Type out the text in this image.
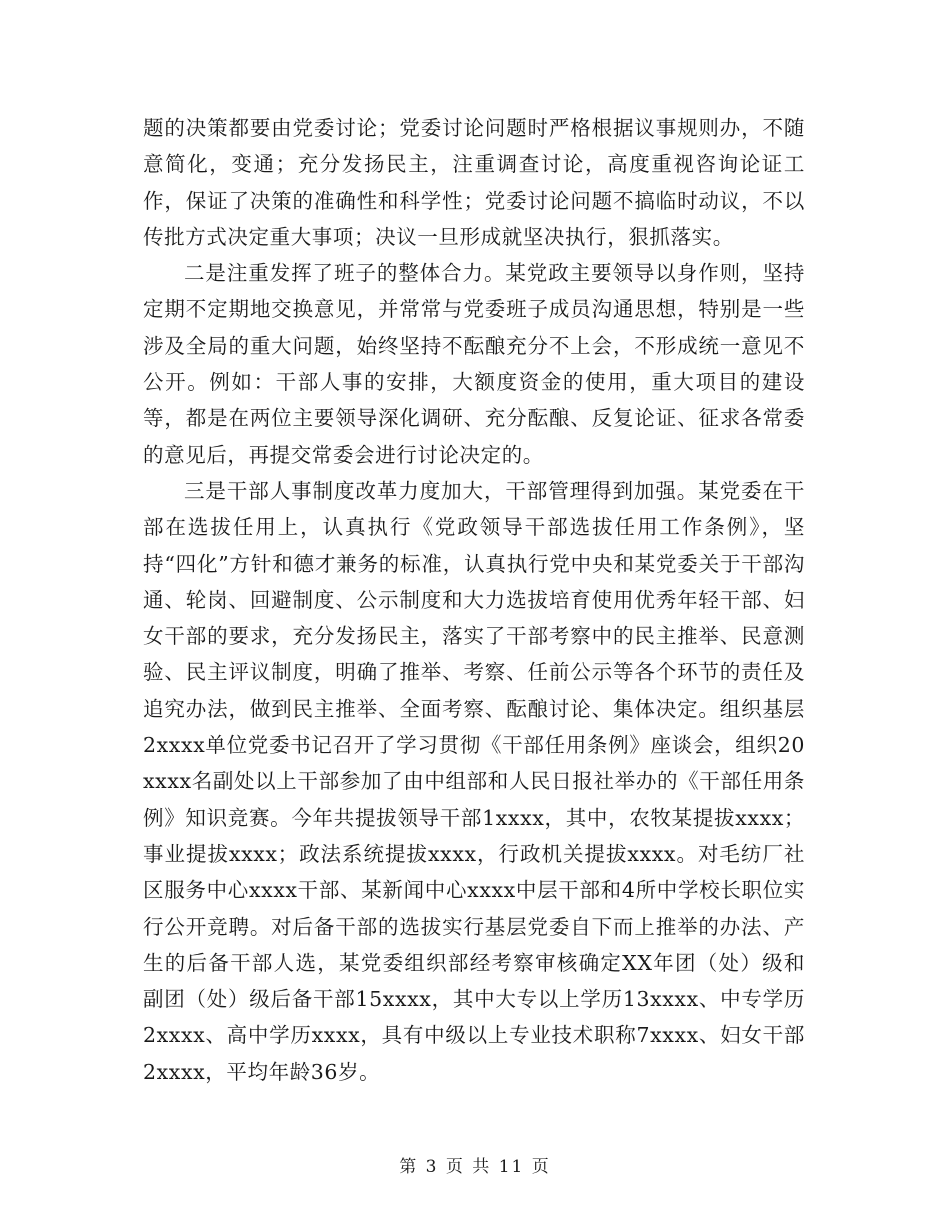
题的决策都要由党委讨论；党委讨论问题时严格根据议事规则办，不随意简化，变通；充分发扬民主，注重调查讨论，高度重视咨询论证工作，保证了决策的准确性和科学性；党委讨论问题不搞临时动议，不以传批方式决定重大事项；决议一旦形成就坚决执行，狠抓落实。

二是注重发挥了班子的整体合力。某党政主要领导以身作则，坚持定期不定期地交换意见，并常常与党委班子成员沟通思想，特别是一些涉及全局的重大问题，始终坚持不酝酿充分不上会，不形成统一意见不公开。例如：干部人事的安排，大额度资金的使用，重大项目的建设等，都是在两位主要领导深化调研、充分酝酿、反复论证、征求各常委的意见后，再提交常委会进行讨论决定的。

三是干部人事制度改革力度加大，干部管理得到加强。某党委在干部在选拔任用上，认真执行《党政领导干部选拔任用工作条例》，坚持“四化”方针和德才兼务的标准，认真执行党中央和某党委关于干部沟通、轮岗、回避制度、公示制度和大力选拔培育使用优秀年轻干部、妇女干部的要求，充分发扬民主，落实了干部考察中的民主推举、民意测验、民主评议制度，明确了推举、考察、任前公示等各个环节的责任及追究办法，做到民主推举、全面考察、酝酿讨论、集体决定。组织基层2xxxx单位党委书记召开了学习贯彻《干部任用条例》座谈会，组织20xxxx名副处以上干部参加了由中组部和人民日报社举办的《干部任用条例》知识竞赛。今年共提拔领导干部1xxxx，其中，农牧某提拔xxxx；事业提拔xxxx；政法系统提拔xxxx，行政机关提拔xxxx。对毛纺厂社区服务中心xxxx干部、某新闻中心xxxx中层干部和4所中学校长职位实行公开竞聘。对后备干部的选拔实行基层党委自下而上推举的办法、产生的后备干部人选，某党委组织部经考察审核确定XX年团（处）级和副团（处）级后备干部15xxxx，其中大专以上学历13xxxx、中专学历2xxxx、高中学历xxxx，具有中级以上专业技术职称7xxxx、妇女干部2xxxx，平均年龄36岁。

第 3 页 共 11 页
